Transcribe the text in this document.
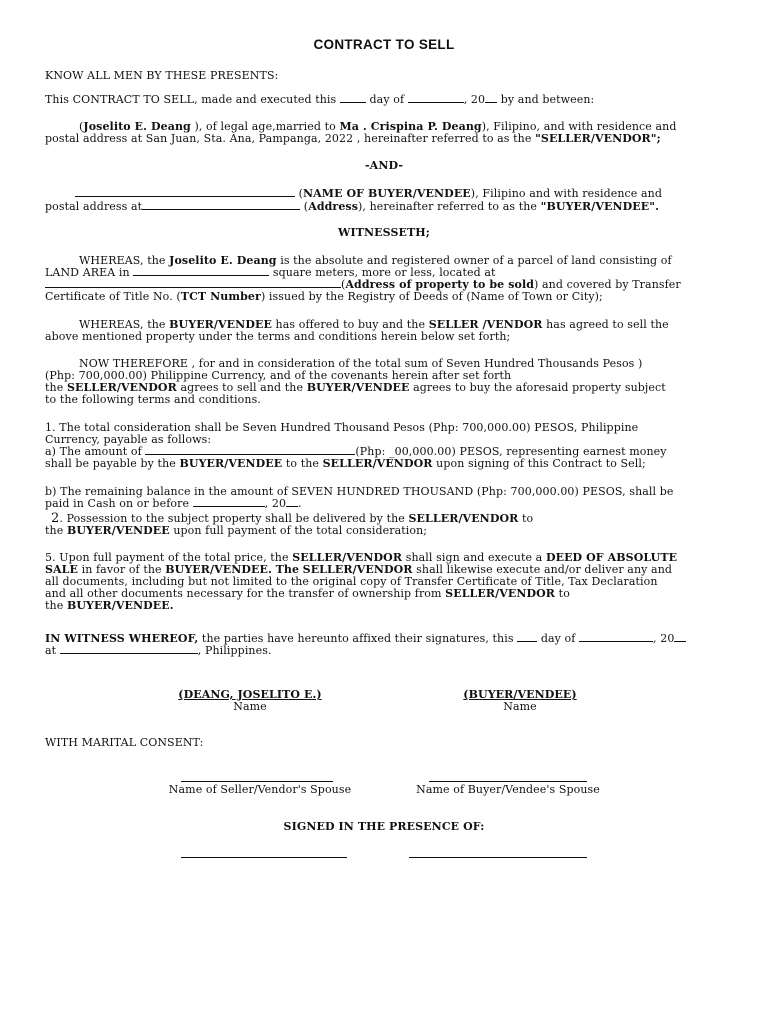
CONTRACT TO SELL
KNOW ALL MEN BY THESE PRESENTS:
This CONTRACT TO SELL, made and executed this	day of	, 20 by and between:
(Joselito E. Deang ), of legal age,married to Ma . Crispina P. Deang), Filipino, and with residence and
postal address at San Juan, Sta. Ana, Pampanga, 2022 , hereinafter referred to as the "SELLER/VENDOR";
-AND-
(NAME OF BUYER/VENDEE), Filipino and with residence and
postal address at	(Address), hereinafter referred to as the "BUYER/VENDEE".
WITNESSETH;
WHEREAS, the Joselito E. Deang is the absolute and registered owner of a parcel of land consisting of
LAND AREA in	square meters, more or less, located at
(Address of property to be sold) and covered by Transfer
Certificate of Title No. (TCT Number) issued by the Registry of Deeds of (Name of Town or City);
WHEREAS, the BUYER/VENDEE has offered to buy and the SELLER /VENDOR has agreed to sell the
above mentioned property under the terms and conditions herein below set forth;
NOW THEREFORE , for and in consideration of the total sum of Seven Hundred Thousands Pesos )
(Php: 700,000.00) Philippine Currency, and of the covenants herein after set forth
the SELLER/VENDOR agrees to sell and the BUYER/VENDEE agrees to buy the aforesaid property subject
to the following terms and conditions.
1. The total consideration shall be Seven Hundred Thousand Pesos (Php: 700,000.00) PESOS, Philippine
Currency, payable as follows:
a) The amount of	(Php: _00,000.00) PESOS, representing earnest money
shall be payable by the BUYER/VENDEE to the SELLER/VENDOR upon signing of this Contract to Sell;
b) The remaining balance in the amount of SEVEN HUNDRED THOUSAND (Php: 700,000.00) PESOS, shall be
paid in Cash on or before	, 20 .
2. Possession to the subject property shall be delivered by the SELLER/VENDOR to
the BUYER/VENDEE upon full payment of the total consideration;
5. Upon full payment of the total price, the SELLER/VENDOR shall sign and execute a DEED OF ABSOLUTE
SALE in favor of the BUYER/VENDEE. The SELLER/VENDOR shall likewise execute and/or deliver any and
all documents, including but not limited to the original copy of Transfer Certificate of Title, Tax Declaration
and all other documents necessary for the transfer of ownership from SELLER/VENDOR to
the BUYER/VENDEE.
IN WITNESS WHEREOF, the parties have hereunto affixed their signatures, this day of	, 20
at	, Philippines.
(DEANG, JOSELITO E.)
Name
(BUYER/VENDEE)
Name
WITH MARITAL CONSENT:
Name of Seller/Vendor's Spouse	Name of Buyer/Vendee's Spouse
SIGNED IN THE PRESENCE OF:
